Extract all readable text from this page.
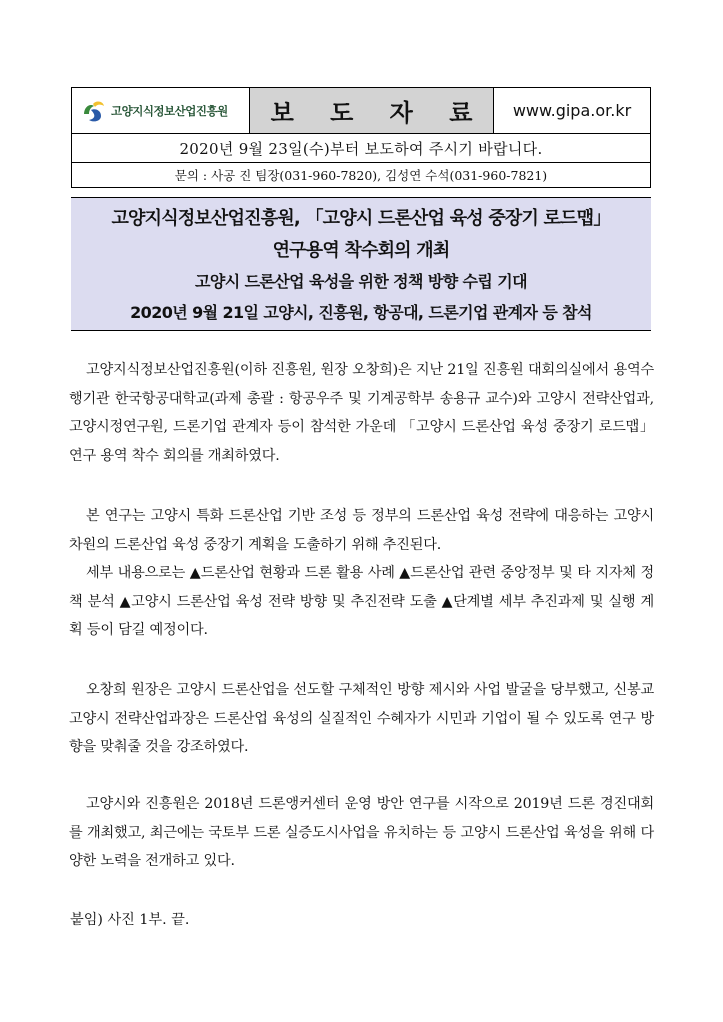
고양지식정보산업진흥원	보 도 자 료	www.gipa.or.kr
2020년 9월 23일(수)부터 보도하여 주시기 바랍니다.
문의 : 사공 진 팀장(031-960-7820), 김성연 수석(031-960-7821)
고양지식정보산업진흥원, 「고양시 드론산업 육성 중장기 로드맵」
연구용역 착수회의 개최
고양시 드론산업 육성을 위한 정책 방향 수립 기대
2020년 9월 21일 고양시, 진흥원, 항공대, 드론기업 관계자 등 참석

고양지식정보산업진흥원(이하 진흥원, 원장 오창희)은 지난 21일 진흥원 대회의실에서 용역수행기관 한국항공대학교(과제 총괄 : 항공우주 및 기계공학부 송용규 교수)와 고양시 전략산업과, 고양시정연구원, 드론기업 관계자 등이 참석한 가운데 「고양시 드론산업 육성 중장기 로드맵」 연구 용역 착수 회의를 개최하였다.

본 연구는 고양시 특화 드론산업 기반 조성 등 정부의 드론산업 육성 전략에 대응하는 고양시 차원의 드론산업 육성 중장기 계획을 도출하기 위해 추진된다.

세부 내용으로는 ▲드론산업 현황과 드론 활용 사례 ▲드론산업 관련 중앙정부 및 타 지자체 정책 분석 ▲고양시 드론산업 육성 전략 방향 및 추진전략 도출 ▲단계별 세부 추진과제 및 실행 계획 등이 담길 예정이다.

오창희 원장은 고양시 드론산업을 선도할 구체적인 방향 제시와 사업 발굴을 당부했고, 신봉교 고양시 전략산업과장은 드론산업 육성의 실질적인 수혜자가 시민과 기업이 될 수 있도록 연구 방향을 맞춰줄 것을 강조하였다.

고양시와 진흥원은 2018년 드론앵커센터 운영 방안 연구를 시작으로 2019년 드론 경진대회를 개최했고, 최근에는 국토부 드론 실증도시사업을 유치하는 등 고양시 드론산업 육성을 위해 다양한 노력을 전개하고 있다.

붙임) 사진 1부. 끝.
